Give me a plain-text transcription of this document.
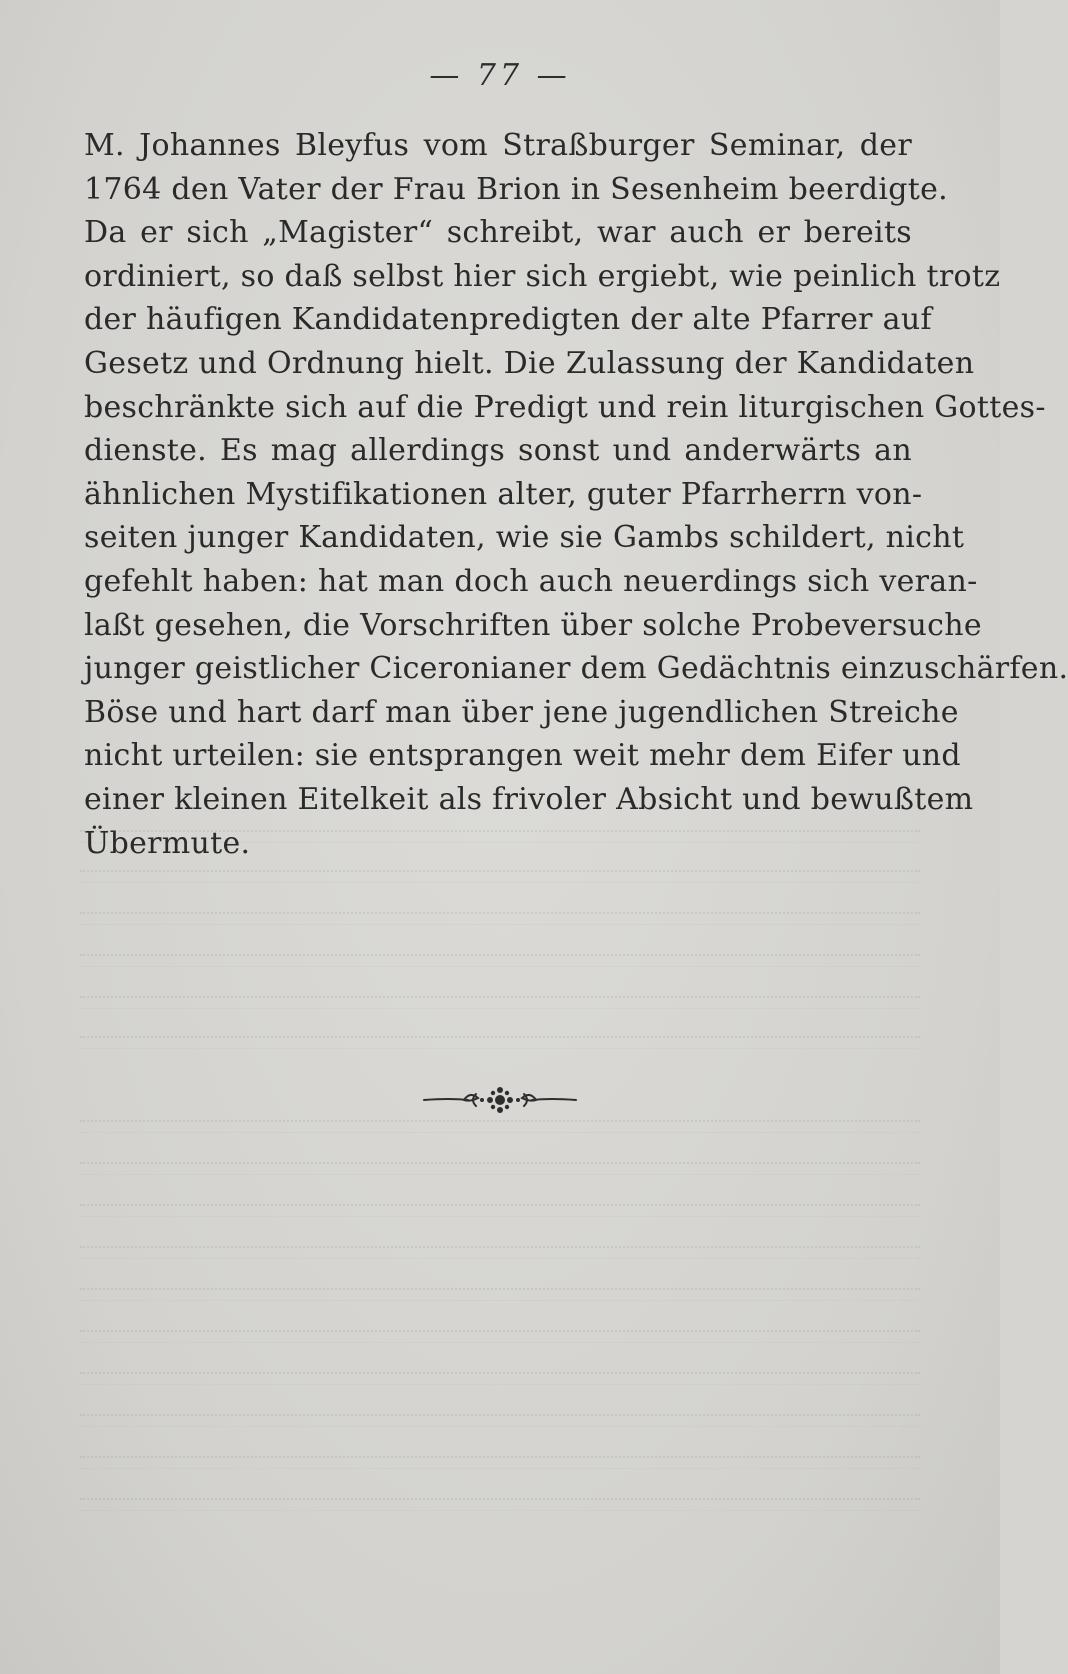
— 77 —
M. Johannes Bleyfus vom Straßburger Seminar, der
1764 den Vater der Frau Brion in Sesenheim beerdigte.
Da er sich „Magister“ schreibt, war auch er bereits
ordiniert, so daß selbst hier sich ergiebt, wie peinlich trotz
der häufigen Kandidatenpredigten der alte Pfarrer auf
Gesetz und Ordnung hielt. Die Zulassung der Kandidaten
beschränkte sich auf die Predigt und rein liturgischen Gottes-
dienste. Es mag allerdings sonst und anderwärts an
ähnlichen Mystifikationen alter, guter Pfarrherrn von-
seiten junger Kandidaten, wie sie Gambs schildert, nicht
gefehlt haben: hat man doch auch neuerdings sich veran-
laßt gesehen, die Vorschriften über solche Probeversuche
junger geistlicher Ciceronianer dem Gedächtnis einzuschärfen.
Böse und hart darf man über jene jugendlichen Streiche
nicht urteilen: sie entsprangen weit mehr dem Eifer und
einer kleinen Eitelkeit als frivoler Absicht und bewußtem
Übermute.
